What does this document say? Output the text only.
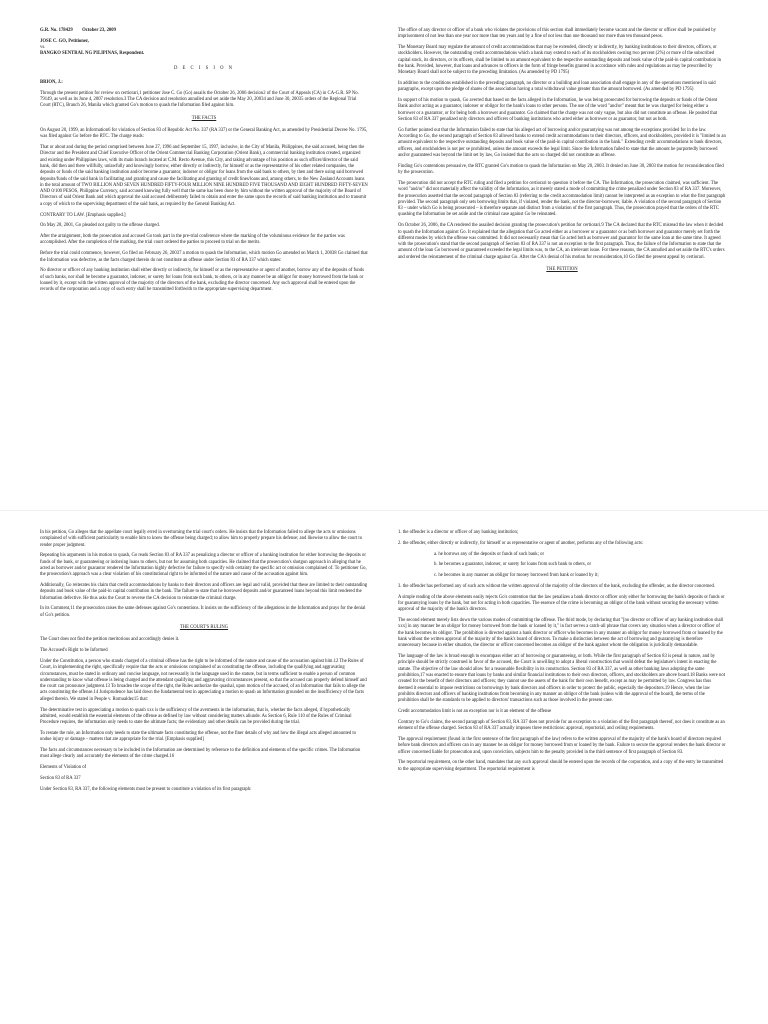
G.R. No. 178429 October 23, 2009

JOSE C. GO, Petitioner,

vs.

BANGKO SENTRAL NG PILIPINAS, Respondent.

D E C I S I O N

BRION, J.:

Through the present petition for review on certiorari,1 petitioner Jose C. Go (Go) assails the October 26, 2006 decision2 of the Court of Appeals (CA) in CA-G.R. SP No. 79149, as well as its June 4, 2007 resolution.3 The CA decision and resolution annulled and set aside the May 20, 20034 and June 30, 20035 orders of the Regional Trial Court (RTC), Branch 26, Manila which granted Go's motion to quash the Information filed against him.

THE FACTS

On August 20, 1999, an Information6 for violation of Section 83 of Republic Act No. 337 (RA 337) or the General Banking Act, as amended by Presidential Decree No. 1795, was filed against Go before the RTC. The charge reads:

That or about and during the period comprised between June 27, 1996 and September 15, 1997, inclusive, in the City of Manila, Philippines, the said accused, being then the Director and the President and Chief Executive Officer of the Orient Commercial Banking Corporation (Orient Bank), a commercial banking institution created, organized and existing under Philippines laws, with its main branch located at C.M. Recto Avenue, this City, and taking advantage of his position as such officer/director of the said bank, did then and there willfully, unlawfully and knowingly borrow, either directly or indirectly, for himself or as the representative of his other related companies, the deposits or funds of the said banking institution and/or become a guarantor, indorser or obligor for loans from the said bank to others, by then and there using said borrowed deposits/funds of the said bank in facilitating and granting and cause the facilitating and granting of credit lines/loans and, among others, to the New Zealand Accounts loans in the total amount of TWO BILLION AND SEVEN HUNDRED FIFTY-FOUR MILLION NINE HUNDRED FIVE THOUSAND AND EIGHT HUNDRED FIFTY-SEVEN AND 0/100 PESOS, Philippine Currency, said accused knowing fully well that the same has been done by him without the written approval of the majority of the Board of Directors of said Orient Bank and which approval the said accused deliberately failed to obtain and enter the same upon the records of said banking institution and to transmit a copy of which to the supervising department of the said bank, as required by the General Banking Act.

CONTRARY TO LAW. [Emphasis supplied.]

On May 28, 2001, Go pleaded not guilty to the offense charged.

After the arraignment, both the prosecution and accused Go took part in the pre-trial conference where the marking of the voluminous evidence for the parties was accomplished. After the completion of the marking, the trial court ordered the parties to proceed to trial on the merits.

Before the trial could commence, however, Go filed on February 26, 20037 a motion to quash the Information, which motion Go amended on March 1, 20038 Go claimed that the Information was defective, as the facts charged therein do not constitute an offense under Section 83 of RA 337 which states:

No director or officer of any banking institution shall either directly or indirectly, for himself or as the representative or agent of another, borrow any of the deposits of funds of such banks, nor shall he become a guarantor, indorser, or surety for loans from such bank, to others, or in any manner be an obligor for money borrowed from the bank or loaned by it, except with the written approval of the majority of the directors of the bank, excluding the director concerned. Any such approval shall be entered upon the records of the corporation and a copy of such entry shall be transmitted forthwith to the appropriate supervising department.

The office of any director or officer of a bank who violates the provisions of this section shall immediately become vacant and the director or officer shall be punished by imprisonment of not less than one year nor more than ten years and by a fine of not less than one thousand nor more than ten thousand pesos.

The Monetary Board may regulate the amount of credit accommodations that may be extended, directly or indirectly, by banking institutions to their directors, officers, or stockholders. However, the outstanding credit accommodations which a bank may extend to each of its stockholders owning two percent (2%) or more of the subscribed capital stock, its directors, or its officers, shall be limited to an amount equivalent to the respective outstanding deposits and book value of the paid-in capital contribution in the bank. Provided, however, that loans and advances to officers in the form of fringe benefits granted in accordance with rules and regulations as may be prescribed by Monetary Board shall not be subject to the preceding limitation. (As amended by PD 1795)

In addition to the conditions established in the preceding paragraph, no director or a building and loan association shall engage in any of the operations mentioned in said paragraphs, except upon the pledge of shares of the association having a total withdrawal value greater than the amount borrowed. (As amended by PD 1795)

In support of his motion to quash, Go averred that based on the facts alleged in the Information, he was being prosecuted for borrowing the deposits or funds of the Orient Bank and/or acting as a guarantor, indorser or obligor for the bank's loans to other persons. The use of the word "and/or" meant that he was charged for being either a borrower or a guarantor, or for being both a borrower and guarantor. Go claimed that the charge was not only vague, but also did not constitute an offense. He posited that Section 83 of RA 337 penalized only directors and officers of banking institutions who acted either as borrower or as guarantor, but not as both.

Go further pointed out that the Information failed to state that his alleged act of borrowing and/or guarantying was not among the exceptions provided for in the law. According to Go, the second paragraph of Section 83 allowed banks to extend credit accommodations to their directors, officers, and stockholders, provided it is "limited to an amount equivalent to the respective outstanding deposits and book value of the paid-in capital contribution in the bank." Extending credit accommodations to bank directors, officers, and stockholders is not per se prohibited, unless the amount exceeds the legal limit. Since the Information failed to state that the amount he purportedly borrowed and/or guaranteed was beyond the limit set by law, Go insisted that the acts so charged did not constitute an offense.

Finding Go's contentions persuasive, the RTC granted Go's motion to quash the Information on May 20, 2003. It denied on June 30, 2003 the motion for reconsideration filed by the prosecution.

The prosecution did not accept the RTC ruling and filed a petition for certiorari to question it before the CA. The Information, the prosecution claimed, was sufficient. The word "and/or" did not materially affect the validity of the Information, as it merely stated a mode of committing the crime penalized under Section 83 of RA 337. Moreover, the prosecution asserted that the second paragraph of Section 83 (referring to the credit accommodation limit) cannot be interpreted as an exception to what the first paragraph provided. The second paragraph only sets borrowing limits that, if violated, render the bank, not the director-borrower, liable. A violation of the second paragraph of Section 83 – under which Go is being prosecuted – is therefore separate and distinct from a violation of the first paragraph. Thus, the prosecution prayed that the orders of the RTC quashing the Information be set aside and the criminal case against Go be reinstated.

On October 26, 2006, the CA rendered the assailed decision granting the prosecution's petition for certiorari.9 The CA declared that the RTC misread the law when it decided to quash the Information against Go. It explained that the allegation that Go acted either as a borrower or a guarantor or as both borrower and guarantor merely set forth the different modes by which the offense was committed. It did not necessarily mean that Go acted both as borrower and guarantor for the same loan at the same time. It agreed with the prosecution's stand that the second paragraph of Section 83 of RA 337 is not an exception to the first paragraph. Thus, the failure of the Information to state that the amount of the loan Go borrowed or guaranteed exceeded the legal limits was, to the CA, an irrelevant issue. For these reasons, the CA annulled and set aside the RTC's orders and ordered the reinstatement of the criminal charge against Go. After the CA's denial of his motion for reconsideration,10 Go filed the present appeal by certiorari.

THE PETITION

In his petition, Go alleges that the appellate court legally erred in overturning the trial court's orders. He insists that the Information failed to allege the acts or omissions complained of with sufficient particularity to enable him to know the offense being charged; to allow him to properly prepare his defense; and likewise to allow the court to render proper judgment.

Repeating his arguments in his motion to quash, Go reads Section 83 of RA 337 as penalizing a director or officer of a banking institution for either borrowing the deposits or funds of the bank, or guaranteeing or indorsing loans to others, but not for assuming both capacities. He claimed that the prosecution's shotgun approach in alleging that he acted as borrower and/or guarantor rendered the Information highly defective for failure to specify with certainty the specific act or omission complained of. To petitioner Go, the prosecution's approach was a clear violation of his constitutional right to be informed of the nature and cause of the accusation against him.

Additionally, Go reiterates his claim that credit accommodations by banks to their directors and officers are legal and valid, provided that these are limited to their outstanding deposits and book value of the paid-in capital contribution in the bank. The failure to state that he borrowed deposits and/or guaranteed loans beyond this limit rendered the Information defective. He thus asks the Court to reverse the CA decision to reinstate the criminal charge.

In its Comment,11 the prosecution raises the same defenses against Go's contentions. It insists on the sufficiency of the allegations in the Information and prays for the denial of Go's petition.

THE COURT'S RULING

The Court does not find the petition meritorious and accordingly denies it.

The Accused's Right to be Informed

Under the Constitution, a person who stands charged of a criminal offense has the right to be informed of the nature and cause of the accusation against him.12 The Rules of Court, in implementing the right, specifically require that the acts or omissions complained of as constituting the offense, including the qualifying and aggravating circumstances, must be stated in ordinary and concise language, not necessarily in the language used in the statute, but in terms sufficient to enable a person of common understanding to know what offense is being charged and the attendant qualifying and aggravating circumstances present, so that the accused can properly defend himself and the court can pronounce judgment.13 To broaden the scope of the right, the Rules authorize the quashal, upon motion of the accused, of an Information that fails to allege the acts constituting the offense.14 Jurisprudence has laid down the fundamental test in appreciating a motion to quash an Information grounded on the insufficiency of the facts alleged therein. We stated in People v. Romualdez15 that:

The determinative test in appreciating a motion to quash xxx is the sufficiency of the averments in the information, that is, whether the facts alleged, if hypothetically admitted, would establish the essential elements of the offense as defined by law without considering matters aliunde. As Section 6, Rule 110 of the Rules of Criminal Procedure requires, the information only needs to state the ultimate facts; the evidentiary and other details can be provided during the trial.

To restate the rule, an Information only needs to state the ultimate facts constituting the offense, not the finer details of why and how the illegal acts alleged amounted to undue injury or damage – matters that are appropriate for the trial. [Emphasis supplied]

The facts and circumstances necessary to be included in the Information are determined by reference to the definition and elements of the specific crimes. The Information must allege clearly and accurately the elements of the crime charged.16

Elements of Violation of

Section 83 of RA 337

Under Section 83, RA 337, the following elements must be present to constitute a violation of its first paragraph:

1. the offender is a director or officer of any banking institution;

2. the offender, either directly or indirectly, for himself or as representative or agent of another, performs any of the following acts:

a. he borrows any of the deposits or funds of such bank; or

b. he becomes a guarantor, indorser, or surety for loans from such bank to others, or

c. he becomes in any manner an obligor for money borrowed from bank or loaned by it;

3. the offender has performed any of such acts without the written approval of the majority of the directors of the bank, excluding the offender, as the director concerned.

A simple reading of the above elements easily rejects Go's contention that the law penalizes a bank director or officer only either for borrowing the bank's deposits or funds or for guarantying loans by the bank, but not for acting in both capacities. The essence of the crime is becoming an obligor of the bank without securing the necessary written approval of the majority of the bank's directors.

The second element merely lists down the various modes of committing the offense. The third mode, by declaring that "[no director or officer of any banking institution shall xxx] in any manner be an obligor for money borrowed from the bank or loaned by it," in fact serves a catch-all phrase that covers any situation when a director or officer of the bank becomes its obligor. The prohibition is directed against a bank director or officer who becomes in any manner an obligor for money borrowed from or loaned by the bank without the written approval of the majority of the bank's board of directors. To make a distinction between the act of borrowing and guarantying is therefore unnecessary because in either situation, the director or officer concerned becomes an obligor of the bank against whom the obligation is juridically demandable.

The language of the law is broad enough to encompass either act of borrowing or guaranteeing, or both. While the first paragraph of Section 83 is penal in nature, and by principle should be strictly construed in favor of the accused, the Court is unwilling to adopt a liberal construction that would defeat the legislature's intent in enacting the statute. The objective of the law should allow for a reasonable flexibility in its construction. Section 83 of RA 337, as well as other banking laws adopting the same prohibition,17 was enacted to ensure that loans by banks and similar financial institutions to their own directors, officers, and stockholders are above board.18 Banks were not created for the benefit of their directors and officers; they cannot use the assets of the bank for their own benefit, except as may be permitted by law. Congress has thus deemed it essential to impose restrictions on borrowings by bank directors and officers in order to protect the public, especially the depositors.19 Hence, when the law prohibits directors and officers of banking institutions from becoming in any manner an obligor of the bank (unless with the approval of the board), the terms of the prohibition shall be the standards to be applied to directors' transactions such as those involved in the present case.

Credit accommodation limit is not an exception nor is it an element of the offense

Contrary to Go's claims, the second paragraph of Section 83, RA 337 does not provide for an exception to a violation of the first paragraph thereof, nor does it constitute as an element of the offense charged. Section 83 of RA 337 actually imposes three restrictions: approval, reportorial, and ceiling requirements.

The approval requirement (found in the first sentence of the first paragraph of the law) refers to the written approval of the majority of the bank's board of directors required before bank directors and officers can in any manner be an obligor for money borrowed from or loaned by the bank. Failure to secure the approval renders the bank director or officer concerned liable for prosecution and, upon conviction, subjects him to the penalty provided in the third sentence of first paragraph of Section 83.

The reportorial requirement, on the other hand, mandates that any such approval should be entered upon the records of the corporation, and a copy of the entry be transmitted to the appropriate supervising department. The reportorial requirement is
